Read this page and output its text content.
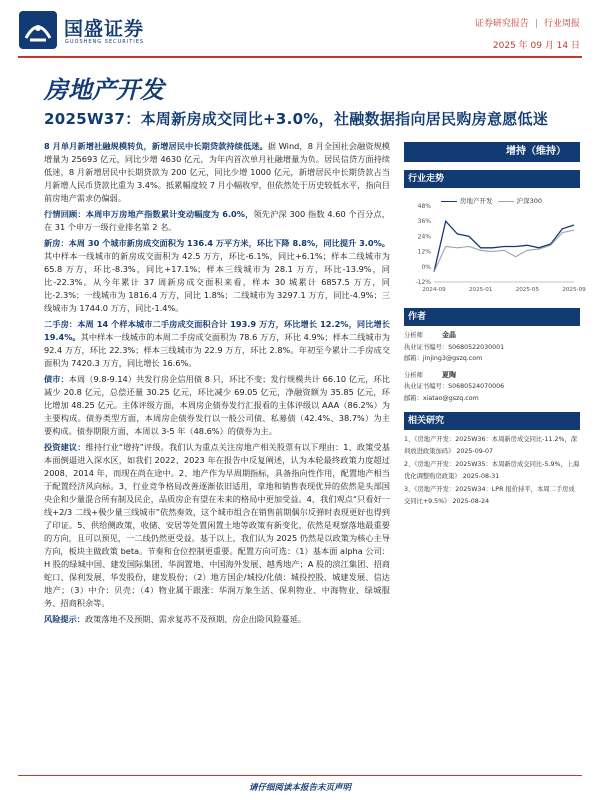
国盛证券
GUOSHENG SECURITIES
证券研究报告 | 行业周报
2025 年 09 月 14 日
房地产开发
2025W37：本周新房成交同比+3.0%，社融数据指向居民购房意愿低迷

8 月单月新增社融规模转负，新增居民中长期贷款持续低迷。据 Wind，8 月全国社会融资规模增量为 25693 亿元，同比少增 4630 亿元，为年内首次单月社融增量为负。居民信贷方面持续低迷，8 月新增居民中长期贷款为 200 亿元，同比少增 1000 亿元，新增居民中长期贷款占当月新增人民币贷款比重为 3.4%。抵累幅度较 7 月小幅收窄，但依然处于历史较低水平，指向目前房地产需求仍偏弱。

行情回顾：本周申万房地产指数累计变动幅度为 6.0%，领先沪深 300 指数 4.60 个百分点，在 31 个申万一级行业排名第 2 名。

新房：本周 30 个城市新房成交面积为 136.4 万平方米，环比下降 8.8%，同比提升 3.0%。其中样本一线城市的新房成交面积为 42.5 万方，环比-6.1%，同比+6.1%；样本二线城市为 65.8 万方，环比-8.3%，同比+17.1%；样本三线城市为 28.1 万方，环比-13.9%，同比-22.3%。从今年累计 37 周新房成交面积来看，样本 30 城累计 6857.5 万方，同比-2.3%；一线城市为 1816.4 万方，同比 1.8%；二线城市为 3297.1 万方，同比-4.9%；三线城市为 1744.0 万方，同比-1.4%。

二手房：本周 14 个样本城市二手房成交面积合计 193.9 万方，环比增长 12.2%，同比增长 19.4%。其中样本一线城市的本周二手房成交面积为 78.6 万方，环比 4.9%；样本二线城市为 92.4 万方，环比 22.3%；样本三线城市为 22.9 万方，环比 2.8%。年初至今累计二手房成交面积为 7420.3 万方，同比增长 16.6%。

债市：本周（9.8-9.14）共发行房企信用债 8 只，环比不变；发行规模共计 66.10 亿元，环比减少 20.8 亿元，总偿还量 30.25 亿元，环比减少 69.05 亿元，净融资额为 35.85 亿元，环比增加 48.25 亿元。主体评级方面，本周房企债券发行汇报看的主体评级以 AAA（86.2%）为主要构成。债券类型方面，本周房企债券发行以一般公司债、私募债（42.4%、38.7%）为主要构成。债券期限方面，本周以 3-5 年（48.6%）的债券为主。

投资建议：维持行业“增持”评级。我们认为重点关注房地产相关股票有以下理由：1、政策受基本面倒逼进入深水区，如我们 2022、2023 年在报告中反复阐述，认为本轮最终政策力度超过 2008、2014 年，而现在尚在途中。2、地产作为早周期指标，具备指向性作用，配置地产相当于配置经济风向标。3、行业竞争格局改善逐渐依旧适用，拿地和销售表现优异的依然是头部国央企和少量混合所有制及民企，品质房企有望在未来的格局中更加受益。4、我们观点“只看好一线+2/3 二线+极少量三线城市”依然奏效，这个城市组合在销售前期偶尔反弹时表现更好也得到了印证。5、供给侧政策，收储、安居等处置闲置土地等政策有新变化，依然是观察落地最重要的方向，且可以预见，一二线仍然更受益。基于以上，我们认为 2025 仍然是以政策为核心主导方向，板块主做政策 beta。节奏和仓位控制更重要。配置方向可选：（1）基本面 alpha 公司：H 股的绿城中国、建发国际集团、华润置地、中国海外发展、越秀地产；A 股的滨江集团、招商蛇口、保利发展、华发股份，建发股份；（2）地方国企/城投/化债：城投控股、城建发展、信达地产；（3）中介：贝壳；（4）物业属于跟涨：华润万象生活、保利物业、中海物业、绿城服务、招商积余等。

风险提示：政策落地不及预期、需求复苏不及预期、房企出险风险蔓延。

增持（维持）
行业走势
48%
36%
24%
12%
0%
-12%
2024-09	2025-01	2025-05	2025-09
房地产开发	沪深300
作者
分析师	金晶
执业证书编号：S0680522030001
邮箱：jinjing3@gszq.com
分析师	夏陶
执业证书编号：S0680524070006
邮箱：xiatao@gszq.com
相关研究
1、《房地产开发：2025W36：本周新房成交同比-11.2%，深圳放进政策加码》 2025-09-07
2、《房地产开发：2025W35：本周新房成交同比-5.9%，上海优化调整购房政策》 2025-08-31
3、《房地产开发：2025W34：LPR 报价持平，本周二手房成交同比+9.5%》 2025-08-24
请仔细阅读本报告末页声明
